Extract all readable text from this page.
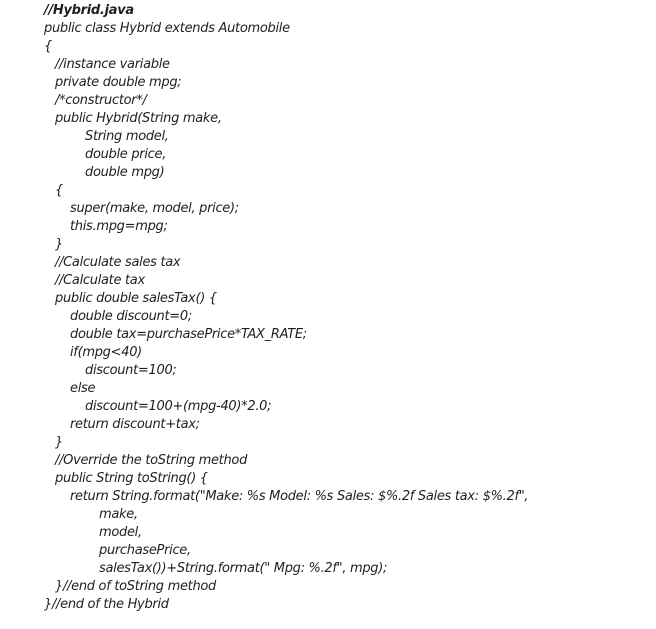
//Hybrid.java
public class Hybrid extends Automobile
{
//instance variable
private double mpg;
/*constructor*/
public Hybrid(String make,
String model,
double price,
double mpg)
{
super(make, model, price);
this.mpg=mpg;
}
//Calculate sales tax
//Calculate tax
public double salesTax() {
double discount=0;
double tax=purchasePrice*TAX_RATE;
if(mpg<40)
discount=100;
else
discount=100+(mpg-40)*2.0;
return discount+tax;
}
//Override the toString method
public String toString() {
return String.format("Make: %s Model: %s Sales: $%.2f Sales tax: $%.2f",
make,
model,
purchasePrice,
salesTax())+String.format(" Mpg: %.2f", mpg);
}//end of toString method
}//end of the Hybrid
